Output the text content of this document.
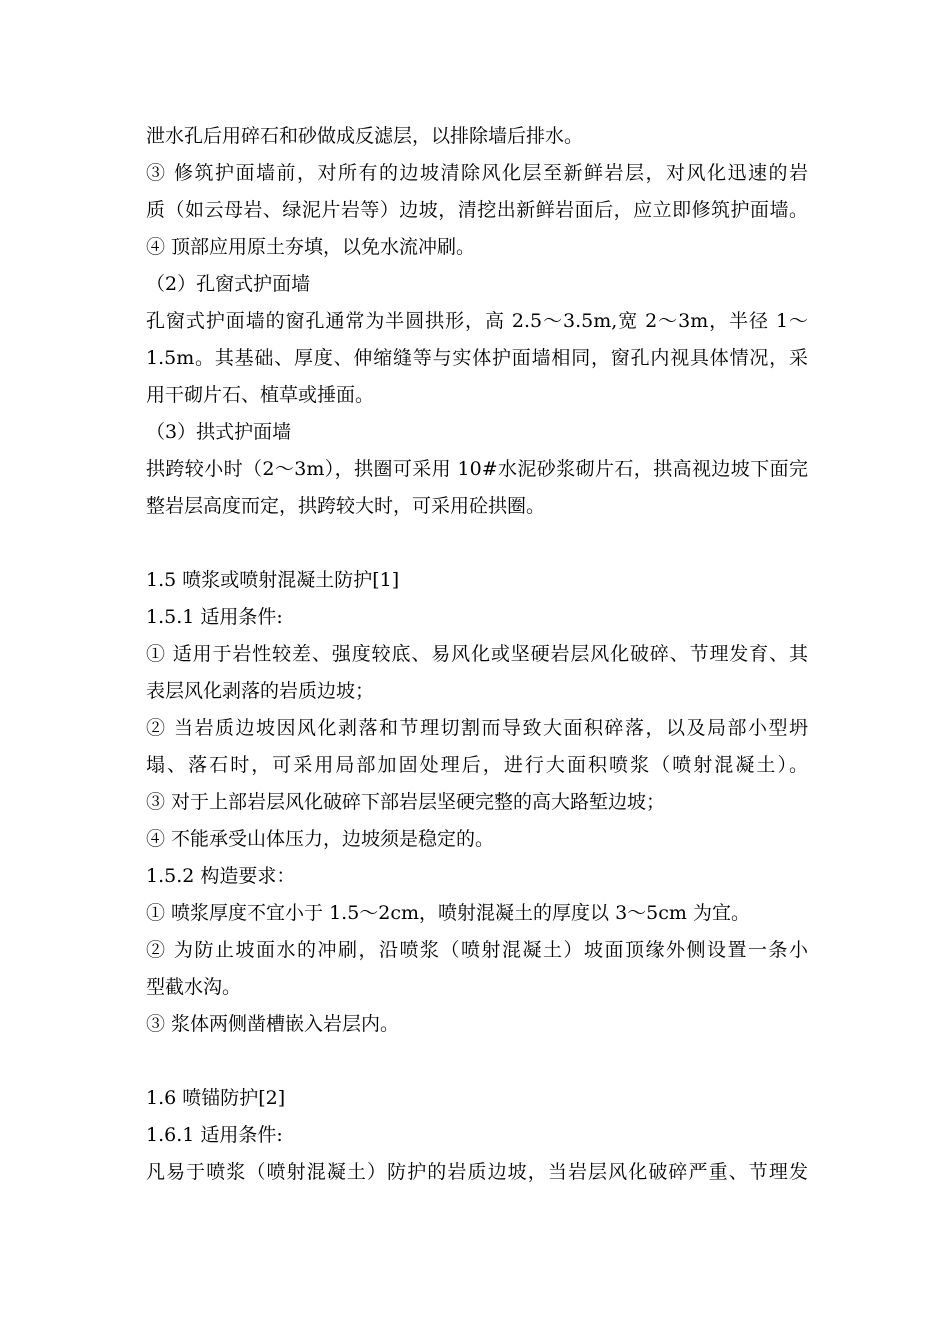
泄水孔后用碎石和砂做成反滤层，以排除墙后排水。
③ 修筑护面墙前，对所有的边坡清除风化层至新鲜岩层，对风化迅速的岩
质（如云母岩、绿泥片岩等）边坡，清挖出新鲜岩面后，应立即修筑护面墙。
④ 顶部应用原土夯填，以免水流冲刷。
（2）孔窗式护面墙
孔窗式护面墙的窗孔通常为半圆拱形，高 2.5～3.5m,宽 2～3m，半径 1～
1.5m。其基础、厚度、伸缩缝等与实体护面墙相同，窗孔内视具体情况，采
用干砌片石、植草或捶面。
（3）拱式护面墙
拱跨较小时（2～3m），拱圈可采用 10#水泥砂浆砌片石，拱高视边坡下面完
整岩层高度而定，拱跨较大时，可采用砼拱圈。
1.5 喷浆或喷射混凝土防护[1]
1.5.1 适用条件:
① 适用于岩性较差、强度较底、易风化或坚硬岩层风化破碎、节理发育、其
表层风化剥落的岩质边坡；
② 当岩质边坡因风化剥落和节理切割而导致大面积碎落，以及局部小型坍
塌、落石时，可采用局部加固处理后，进行大面积喷浆（喷射混凝土）。
③ 对于上部岩层风化破碎下部岩层坚硬完整的高大路堑边坡；
④ 不能承受山体压力，边坡须是稳定的。
1.5.2 构造要求：
① 喷浆厚度不宜小于 1.5～2cm，喷射混凝土的厚度以 3～5cm 为宜。
② 为防止坡面水的冲刷，沿喷浆（喷射混凝土）坡面顶缘外侧设置一条小
型截水沟。
③ 浆体两侧凿槽嵌入岩层内。
1.6 喷锚防护[2]
1.6.1 适用条件:
凡易于喷浆（喷射混凝土）防护的岩质边坡，当岩层风化破碎严重、节理发
